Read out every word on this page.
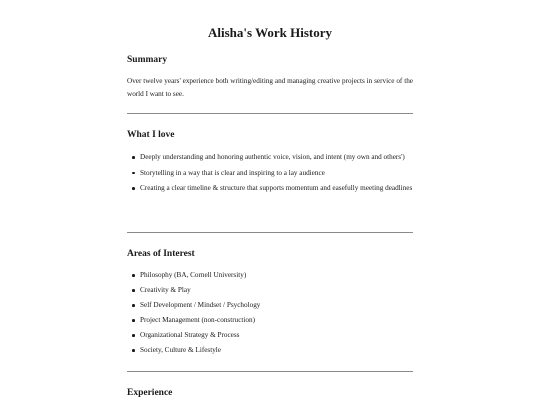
Alisha's Work History
Summary

Over twelve years' experience both writing/editing and managing creative projects in service of the world I want to see.

What I love
Deeply understanding and honoring authentic voice, vision, and intent (my own and others')
Storytelling in a way that is clear and inspiring to a lay audience
Creating a clear timeline & structure that supports momentum and easefully meeting deadlines
Areas of Interest
Philosophy (BA, Cornell University)
Creativity & Play
Self Development / Mindset / Psychology
Project Management (non-construction)
Organizational Strategy & Process
Society, Culture & Lifestyle
Experience
